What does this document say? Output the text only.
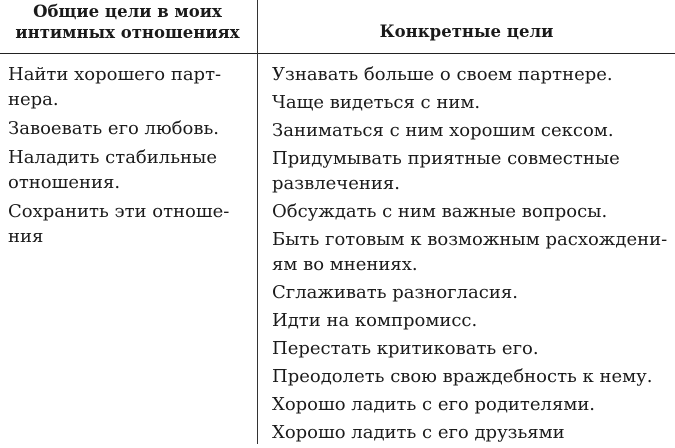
Общие цели в моих
интимных отношениях	Конкретные цели
Найти хорошего парт-
нера.
Завоевать его любовь.
Наладить стабильные
отношения.
Сохранить эти отноше-
ния
Узнавать больше о своем партнере.
Чаще видеться с ним.
Заниматься с ним хорошим сексом.
Придумывать приятные совместные
развлечения.
Обсуждать с ним важные вопросы.
Быть готовым к возможным расхождени-
ям во мнениях.
Сглаживать разногласия.
Идти на компромисс.
Перестать критиковать его.
Преодолеть свою враждебность к нему.
Хорошо ладить с его родителями.
Хорошо ладить с его друзьями
